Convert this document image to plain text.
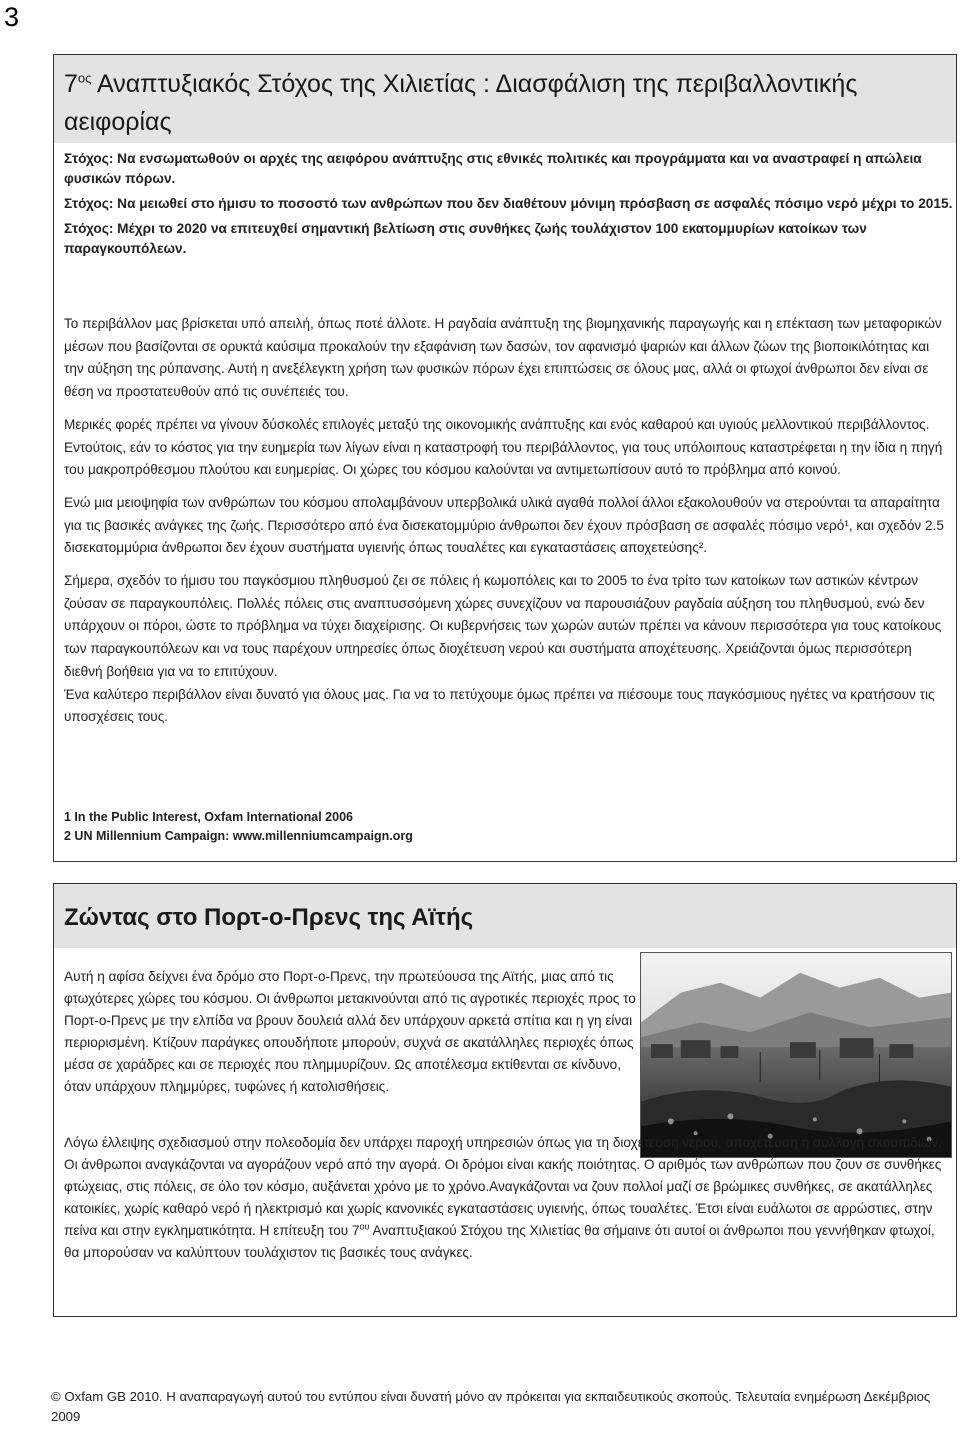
3
$7^{o\varsigma}$ Αναπτυξιακός Στόχος της Χιλιετίας : Διασφάλιση της περιβαλλοντικής αειφορίας

Στόχος: Να ενσωματωθούν οι αρχές της αειφόρου ανάπτυξης στις εθνικές πολιτικές και προγράμματα και να αναστραφεί η απώλεια φυσικών πόρων.

Στόχος: Να μειωθεί στο ήμισυ το ποσοστό των ανθρώπων που δεν διαθέτουν μόνιμη πρόσβαση σε ασφαλές πόσιμο νερό μέχρι το 2015.

Στόχος: Μέχρι το 2020 να επιτευχθεί σημαντική βελτίωση στις συνθήκες ζωής τουλάχιστον 100 εκατομμυρίων κατοίκων των παραγκουπόλεων.

Το περιβάλλον μας βρίσκεται υπό απειλή, όπως ποτέ άλλοτε. Η ραγδαία ανάπτυξη της βιομηχανικής παραγωγής και η επέκταση των μεταφορικών μέσων που βασίζονται σε ορυκτά καύσιμα προκαλούν την εξαφάνιση των δασών, τον αφανισμό ψαριών και άλλων ζώων της βιοποικιλότητας και την αύξηση της ρύπανσης. Αυτή η ανεξέλεγκτη χρήση των φυσικών πόρων έχει επιπτώσεις σε όλους μας, αλλά οι φτωχοί άνθρωποι δεν είναι σε θέση να προστατευθούν από τις συνέπειές του.

Μερικές φορές πρέπει να γίνουν δύσκολές επιλογές μεταξύ της οικονομικής ανάπτυξης και ενός καθαρού και υγιούς μελλοντικού περιβάλλοντος. Εντούτοις, εάν το κόστος για την ευημερία των λίγων είναι η καταστροφή του περιβάλλοντος, για τους υπόλοιπους καταστρέφεται η την ίδια η πηγή του μακροπρόθεσμου πλούτου και ευημερίας. Οι χώρες του κόσμου καλούνται να αντιμετωπίσουν αυτό το πρόβλημα από κοινού.

Ενώ μια μειοψηφία των ανθρώπων του κόσμου απολαμβάνουν υπερβολικά υλικά αγαθά πολλοί άλλοι εξακολουθούν να στερούνται τα απαραίτητα για τις βασικές ανάγκες της ζωής. Περισσότερο από ένα δισεκατομμύριο άνθρωποι δεν έχουν πρόσβαση σε ασφαλές πόσιμο νερό¹, και σχεδόν 2.5 δισεκατομμύρια άνθρωποι δεν έχουν συστήματα υγιεινής όπως τουαλέτες και εγκαταστάσεις αποχετεύσης².

Σήμερα, σχεδόν το ήμισυ του παγκόσμιου πληθυσμού ζει σε πόλεις ή κωμοπόλεις και το 2005 το ένα τρίτο των κατοίκων των αστικών κέντρων ζούσαν σε παραγκουπόλεις. Πολλές πόλεις στις αναπτυσσόμενη χώρες συνεχίζουν να παρουσιάζουν ραγδαία αύξηση του πληθυσμού, ενώ δεν υπάρχουν οι πόροι, ώστε το πρόβλημα να τύχει διαχείρισης. Οι κυβερνήσεις των χωρών αυτών πρέπει να κάνουν περισσότερα για τους κατοίκους των παραγκουπόλεων και να τους παρέχουν υπηρεσίες όπως διοχέτευση νερού και συστήματα αποχέτευσης. Χρειάζονται όμως περισσότερη διεθνή βοήθεια για να το επιτύχουν.

Ένα καλύτερο περιβάλλον είναι δυνατό για όλους μας. Για να το πετύχουμε όμως πρέπει να πιέσουμε τους παγκόσμιους ηγέτες να κρατήσουν τις υποσχέσεις τους.

1 In the Public Interest, Oxfam International 2006
2 UN Millennium Campaign: www.millenniumcampaign.org
Ζώντας στο Πορτ-ο-Πρενς της Αϊτής

Αυτή η αφίσα δείχνει ένα δρόμο στο Πορτ-ο-Πρενς, την πρωτεύουσα της Αϊτής, μιας από τις φτωχότερες χώρες του κόσμου. Οι άνθρωποι μετακινούνται από τις αγροτικές περιοχές προς το Πορτ-ο-Πρενς με την ελπίδα να βρουν δουλειά αλλά δεν υπάρχουν αρκετά σπίτια και η γη είναι περιορισμένη. Κτίζουν παράγκες οπουδήποτε μπορούν, συχνά σε ακατάλληλες περιοχές όπως μέσα σε χαράδρες και σε περιοχές που πλημμυρίζουν. Ως αποτέλεσμα εκτίθενται σε κίνδυνο, όταν υπάρχουν πλημμύρες, τυφώνες ή κατολισθήσεις.

Λόγω έλλειψης σχεδιασμού στην πολεοδομία δεν υπάρχει παροχή υπηρεσιών όπως για τη διοχέτευση νερού, αποχέτευση ή συλλογή σκουπιδιών. Οι άνθρωποι αναγκάζονται να αγοράζουν νερό από την αγορά. Οι δρόμοι είναι κακής ποιότητας. Ο αριθμός των ανθρώπων που ζουν σε συνθήκες φτώχειας, στις πόλεις, σε όλο τον κόσμο, αυξάνεται χρόνο με το χρόνο.Αναγκάζονται να ζουν πολλοί μαζί σε βρώμικες συνθήκες, σε ακατάλληλες κατοικίες, χωρίς καθαρό νερό ή ηλεκτρισμό και χωρίς κανονικές εγκαταστάσεις υγιεινής, όπως τουαλέτες. Έτσι είναι ευάλωτοι σε αρρώστιες, στην πείνα και στην εγκληματικότητα. Η επίτευξη του $7^{o\upsilon}$ Αναπτυξιακού Στόχου της Χιλιετίας θα σήμαινε ότι αυτοί οι άνθρωποι που γεννήθηκαν φτωχοί, θα μπορούσαν να καλύπτουν τουλάχιστον τις βασικές τους ανάγκες.

© Oxfam GB 2010. Η αναπαραγωγή αυτού του εντύπου είναι δυνατή μόνο αν πρόκειται για εκπαιδευτικούς σκοπούς. Τελευταία ενημέρωση Δεκέμβριος 2009
